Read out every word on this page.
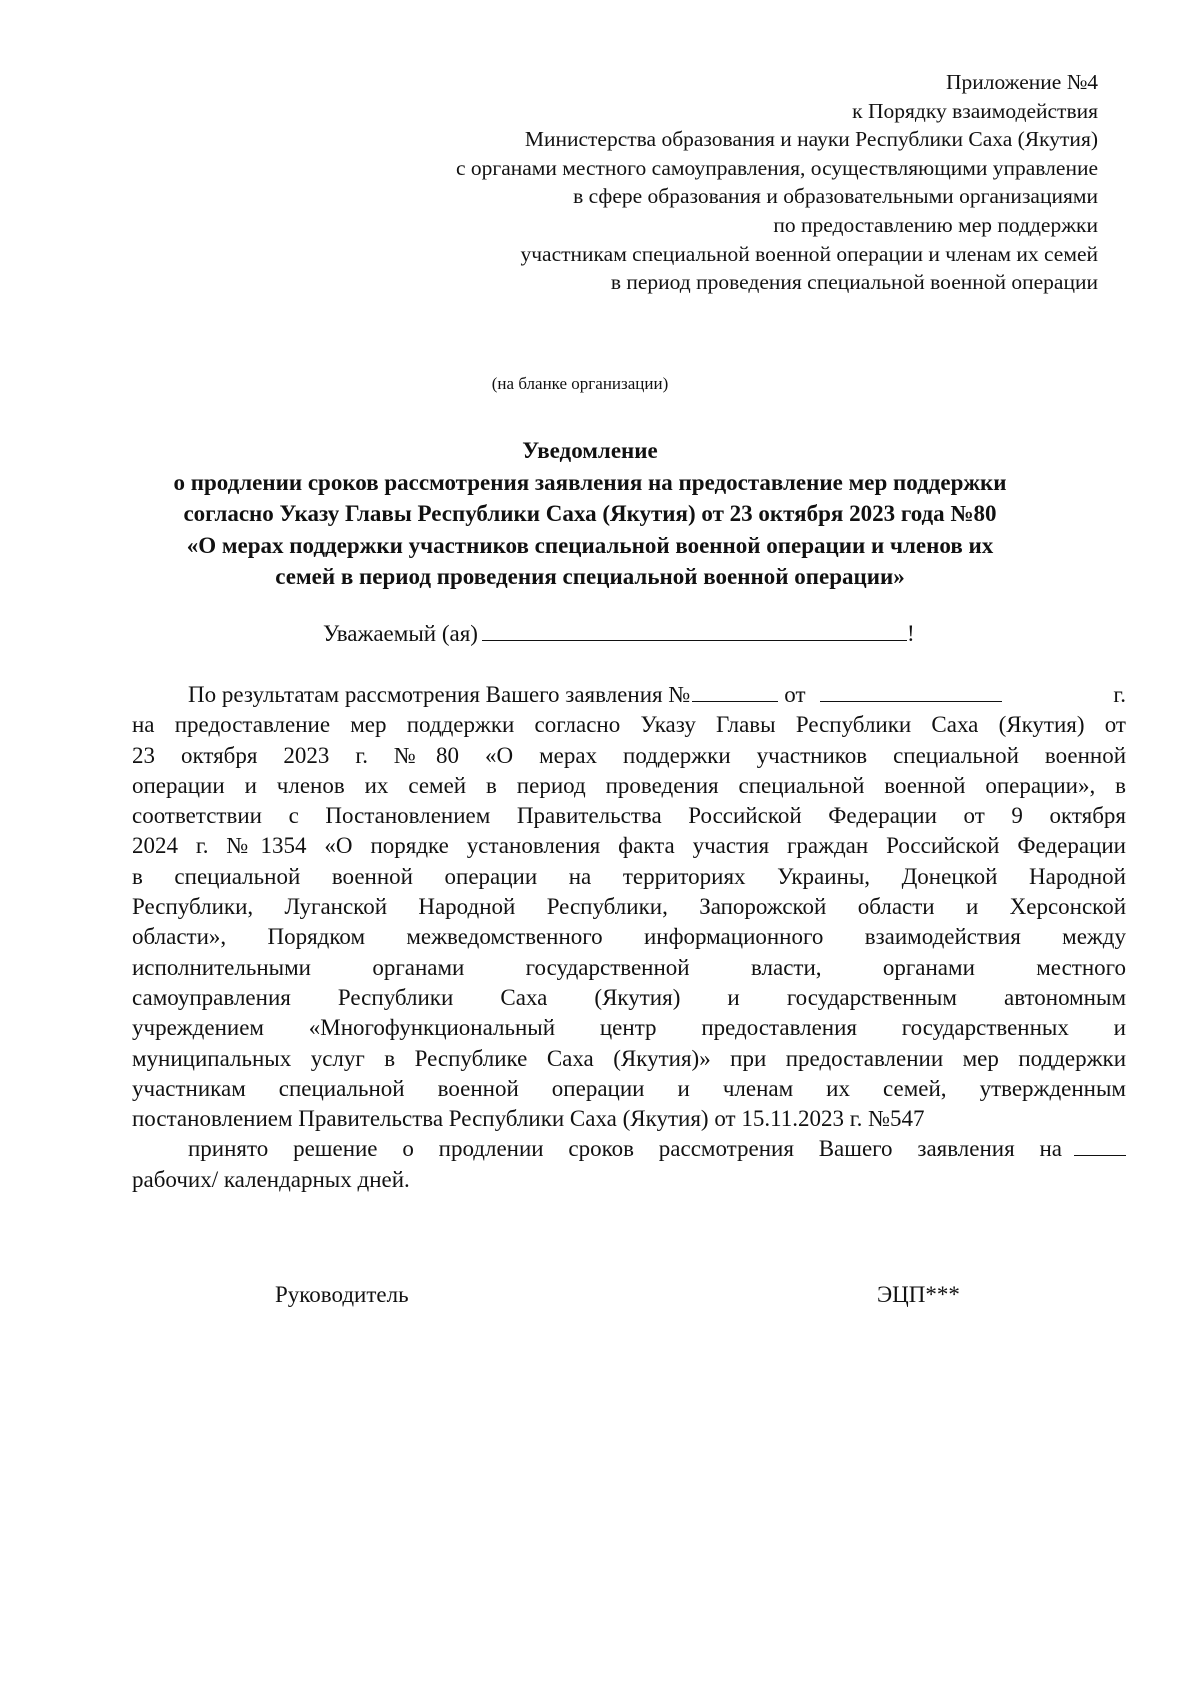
Приложение №4
к Порядку взаимодействия
Министерства образования и науки Республики Саха (Якутия)
с органами местного самоуправления, осуществляющими управление
в сфере образования и образовательными организациями
по предоставлению мер поддержки
участникам специальной военной операции и членам их семей
в период проведения специальной военной операции
(на бланке организации)
Уведомление
о продлении сроков рассмотрения заявления на предоставление мер поддержки
согласно Указу Главы Республики Саха (Якутия) от 23 октября 2023 года №80
«О мерах поддержки участников специальной военной операции и членов их
семей в период проведения специальной военной операции»
Уважаемый (ая)	!
По результатам рассмотрения Вашего заявления №	от	г.
на предоставление мер поддержки согласно Указу Главы Республики Саха (Якутия) от
23 октября 2023 г. №80 «О мерах поддержки участников специальной военной
операции и членов их семей в период проведения специальной военной операции», в
соответствии с Постановлением Правительства Российской Федерации от 9 октября
2024 г. №1354 «О порядке установления факта участия граждан Российской Федерации
в специальной военной операции на территориях Украины, Донецкой Народной
Республики, Луганской Народной Республики, Запорожской области и Херсонской
области», Порядком межведомственного информационного взаимодействия между
исполнительными органами государственной власти, органами местного
самоуправления Республики Саха (Якутия) и государственным автономным
учреждением «Многофункциональный центр предоставления государственных и
муниципальных услуг в Республике Саха (Якутия)» при предоставлении мер поддержки
участникам специальной военной операции и членам их семей, утвержденным
постановлением Правительства Республики Саха (Якутия) от 15.11.2023 г. №547
принято решение о продлении сроков рассмотрения Вашего заявления на
рабочих/ календарных дней.
Руководитель	ЭЦП***
